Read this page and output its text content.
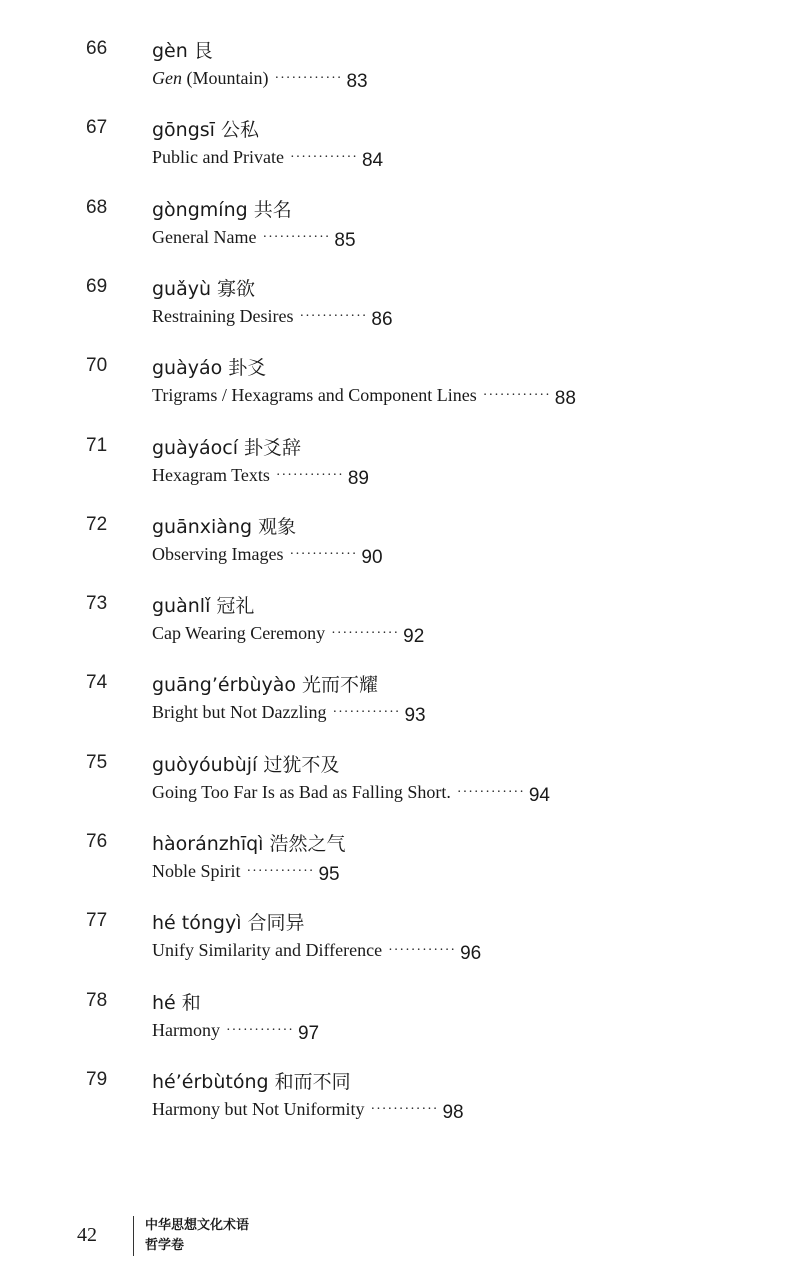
66 gèn 艮
Gen (Mountain) ············ 83
67 gōngsī 公私
Public and Private ············ 84
68 gòngmíng 共名
General Name ············ 85
69 guǎyù 寡欲
Restraining Desires ············ 86
70 guàyáo 卦爻
Trigrams / Hexagrams and Component Lines ············ 88
71 guàyáocí 卦爻辞
Hexagram Texts ············ 89
72 guānxiàng 观象
Observing Images ············ 90
73 guànlǐ 冠礼
Cap Wearing Ceremony ············ 92
74 guāng’érbùyào 光而不耀
Bright but Not Dazzling ············ 93
75 guòyóubùjí 过犹不及
Going Too Far Is as Bad as Falling Short. ············ 94
76 hàoránzhīqì 浩然之气
Noble Spirit ············ 95
77 hé tóngyì 合同异
Unify Similarity and Difference ············ 96
78 hé 和
Harmony ············ 97
79 hé’érbùtóng 和而不同
Harmony but Not Uniformity ············ 98
42	中华思想文化术语
哲学卷
